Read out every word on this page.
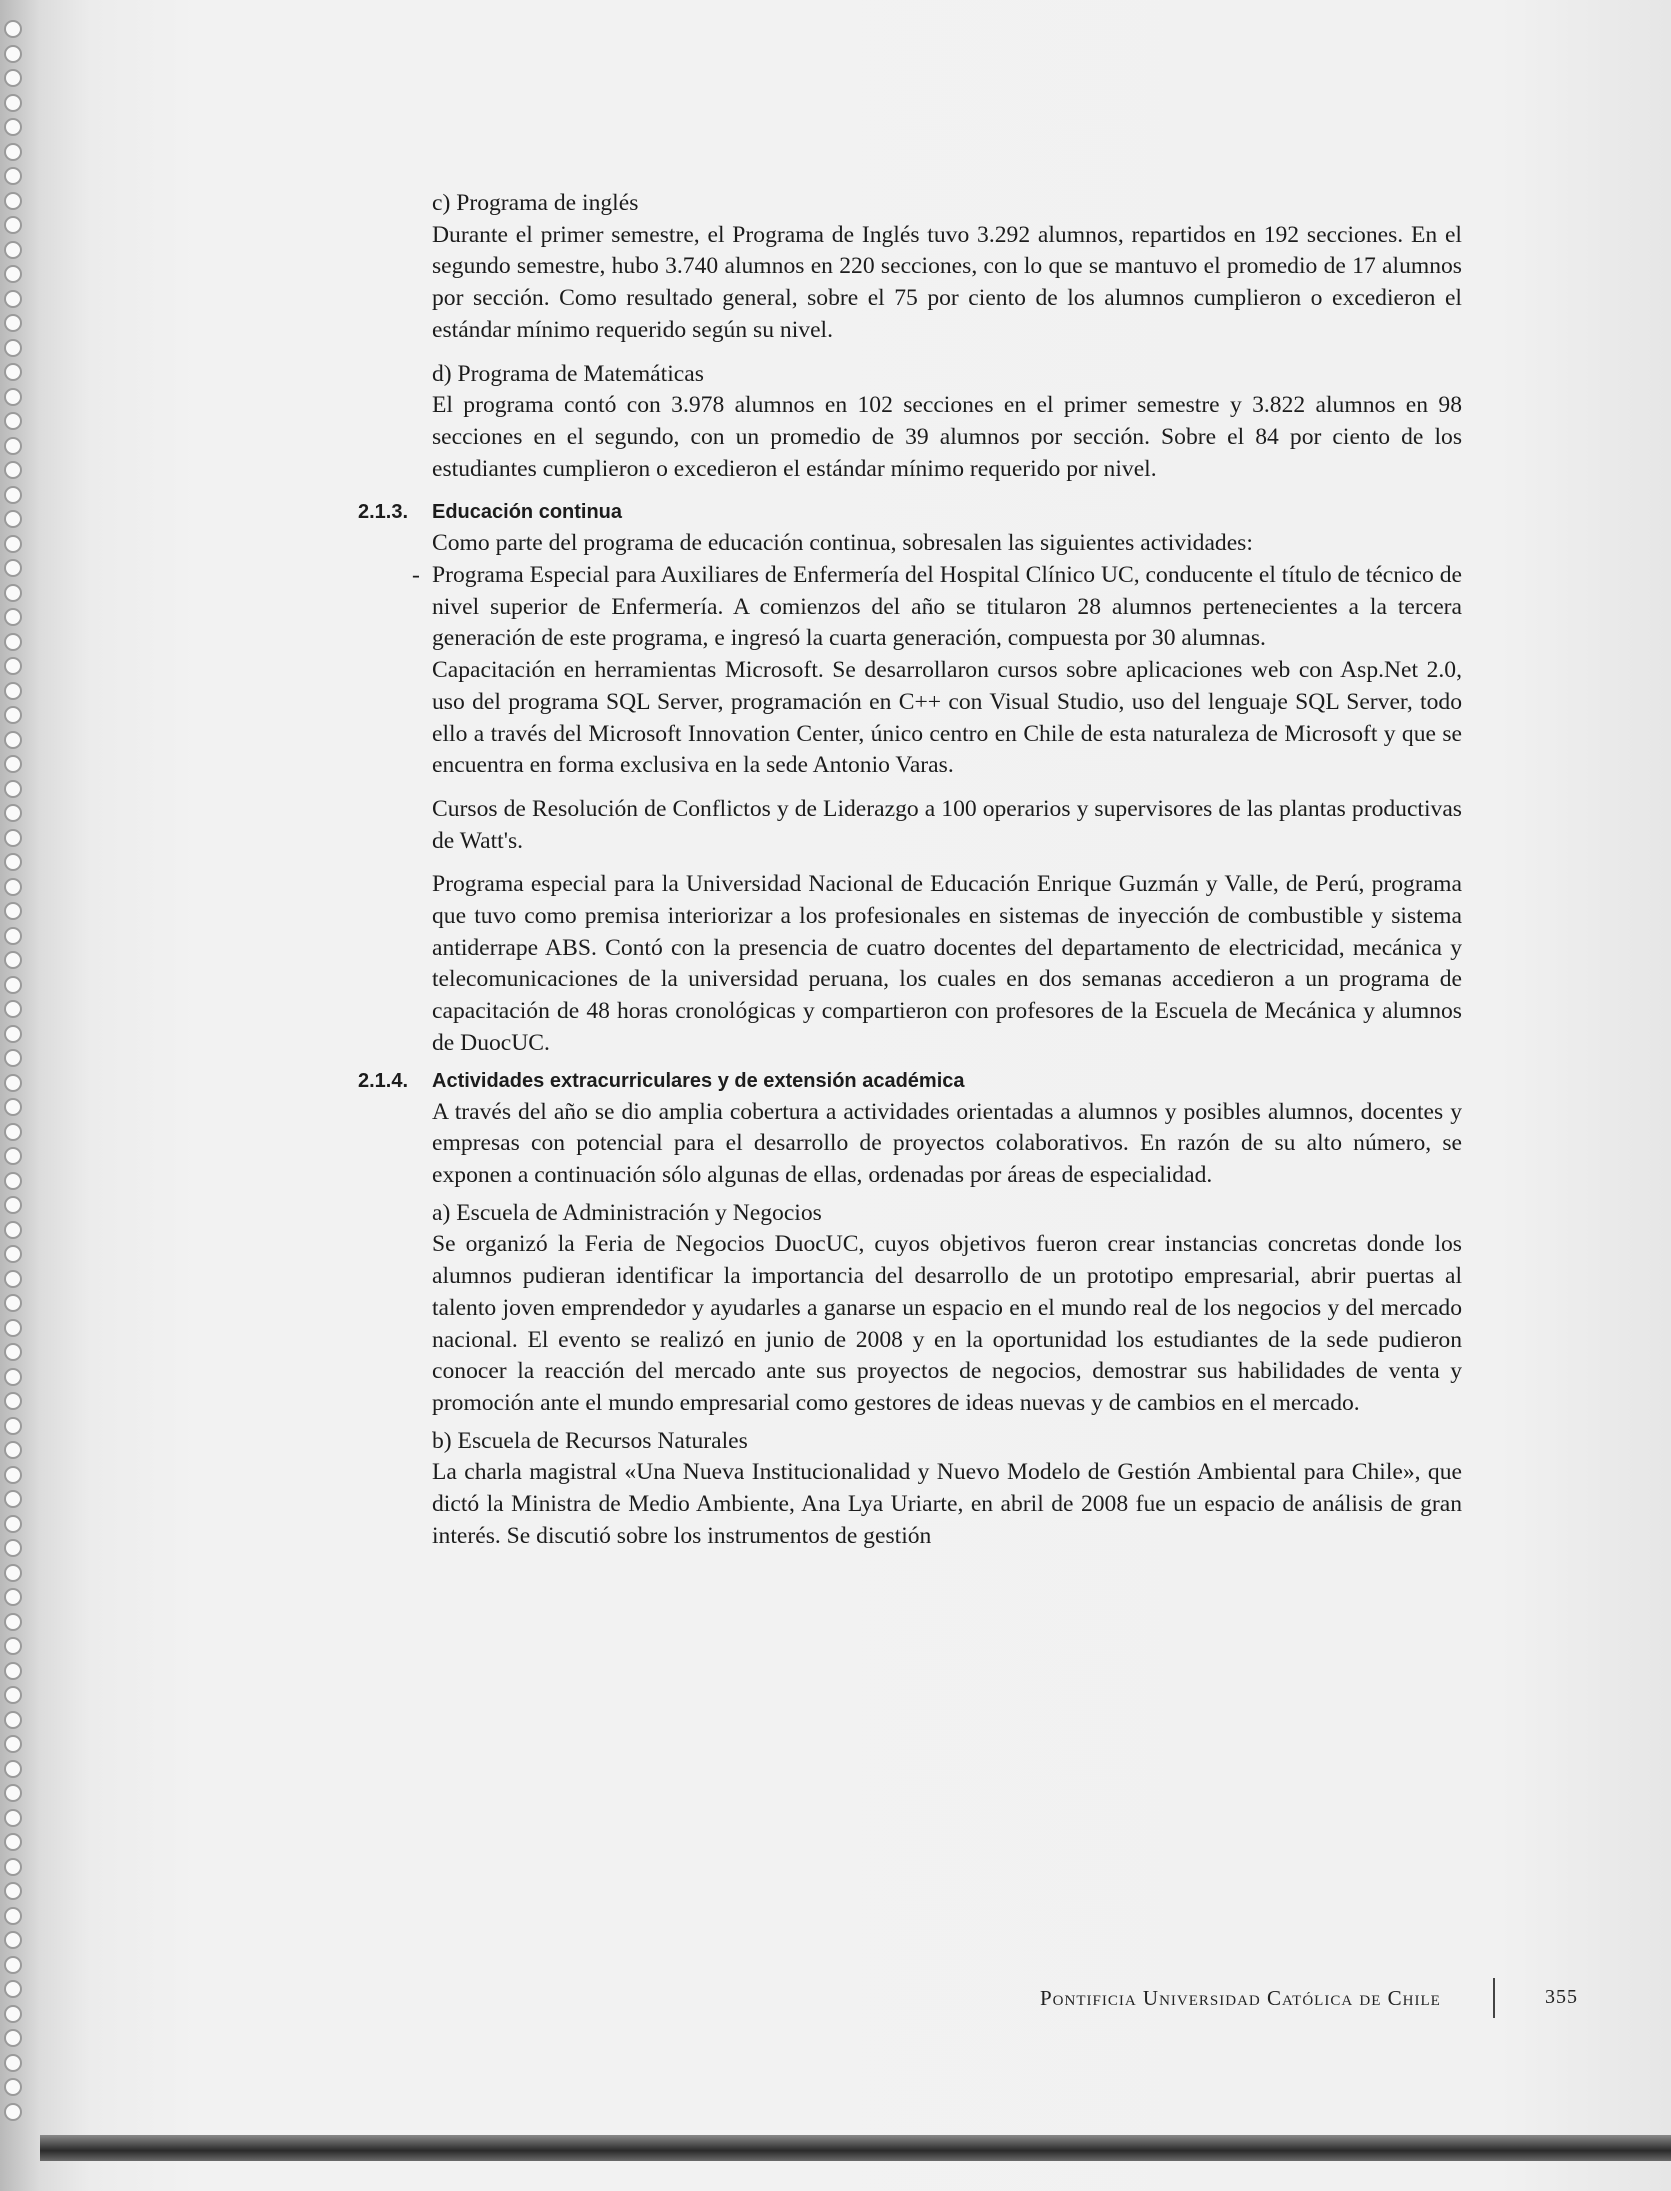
c) Programa de inglés

Durante el primer semestre, el Programa de Inglés tuvo 3.292 alumnos, repartidos en 192 secciones. En el segundo semestre, hubo 3.740 alumnos en 220 secciones, con lo que se mantuvo el promedio de 17 alumnos por sección. Como resultado general, sobre el 75 por ciento de los alumnos cumplieron o excedieron el estándar mínimo requerido según su nivel.

d) Programa de Matemáticas

El programa contó con 3.978 alumnos en 102 secciones en el primer semestre y 3.822 alumnos en 98 secciones en el segundo, con un promedio de 39 alumnos por sección. Sobre el 84 por ciento de los estudiantes cumplieron o excedieron el estándar mínimo requerido por nivel.

2.1.3. Educación continua

Como parte del programa de educación continua, sobresalen las siguientes actividades:

- Programa Especial para Auxiliares de Enfermería del Hospital Clínico UC, conducente el título de técnico de nivel superior de Enfermería. A comienzos del año se titularon 28 alumnos pertenecientes a la tercera generación de este programa, e ingresó la cuarta generación, compuesta por 30 alumnas.

Capacitación en herramientas Microsoft. Se desarrollaron cursos sobre aplicaciones web con Asp.Net 2.0, uso del programa SQL Server, programación en C++ con Visual Studio, uso del lenguaje SQL Server, todo ello a través del Microsoft Innovation Center, único centro en Chile de esta naturaleza de Microsoft y que se encuentra en forma exclusiva en la sede Antonio Varas.

Cursos de Resolución de Conflictos y de Liderazgo a 100 operarios y supervisores de las plantas productivas de Watt's.

Programa especial para la Universidad Nacional de Educación Enrique Guzmán y Valle, de Perú, programa que tuvo como premisa interiorizar a los profesionales en sistemas de inyección de combustible y sistema antiderrape ABS. Contó con la presencia de cuatro docentes del departamento de electricidad, mecánica y telecomunicaciones de la universidad peruana, los cuales en dos semanas accedieron a un programa de capacitación de 48 horas cronológicas y compartieron con profesores de la Escuela de Mecánica y alumnos de DuocUC.

2.1.4. Actividades extracurriculares y de extensión académica

A través del año se dio amplia cobertura a actividades orientadas a alumnos y posibles alumnos, docentes y empresas con potencial para el desarrollo de proyectos colaborativos. En razón de su alto número, se exponen a continuación sólo algunas de ellas, ordenadas por áreas de especialidad.

a) Escuela de Administración y Negocios

Se organizó la Feria de Negocios DuocUC, cuyos objetivos fueron crear instancias concretas donde los alumnos pudieran identificar la importancia del desarrollo de un prototipo empresarial, abrir puertas al talento joven emprendedor y ayudarles a ganarse un espacio en el mundo real de los negocios y del mercado nacional. El evento se realizó en junio de 2008 y en la oportunidad los estudiantes de la sede pudieron conocer la reacción del mercado ante sus proyectos de negocios, demostrar sus habilidades de venta y promoción ante el mundo empresarial como gestores de ideas nuevas y de cambios en el mercado.

b) Escuela de Recursos Naturales

La charla magistral «Una Nueva Institucionalidad y Nuevo Modelo de Gestión Ambiental para Chile», que dictó la Ministra de Medio Ambiente, Ana Lya Uriarte, en abril de 2008 fue un espacio de análisis de gran interés. Se discutió sobre los instrumentos de gestión

Pontificia Universidad Católica de Chile	355
